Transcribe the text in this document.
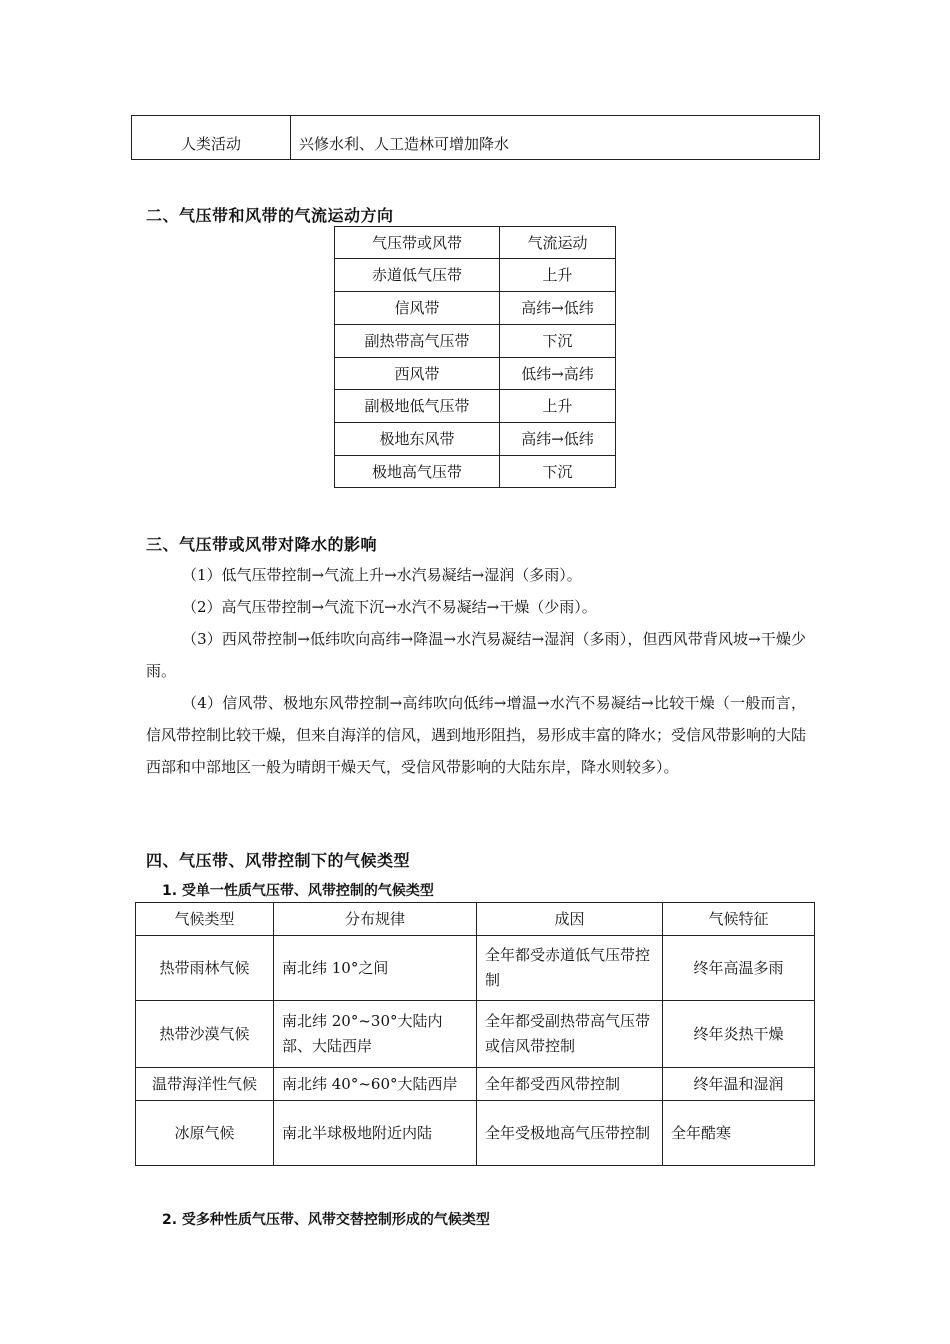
人类活动	兴修水利、人工造林可增加降水
二、气压带和风带的气流运动方向
气压带或风带	气流运动
赤道低气压带	上升
信风带	高纬→低纬
副热带高气压带	下沉
西风带	低纬→高纬
副极地低气压带	上升
极地东风带	高纬→低纬
极地高气压带	下沉
三、气压带或风带对降水的影响

（1）低气压带控制→气流上升→水汽易凝结→湿润（多雨）。

（2）高气压带控制→气流下沉→水汽不易凝结→干燥（少雨）。

（3）西风带控制→低纬吹向高纬→降温→水汽易凝结→湿润（多雨），但西风带背风坡→干燥少雨。

（4）信风带、极地东风带控制→高纬吹向低纬→增温→水汽不易凝结→比较干燥（一般而言，信风带控制比较干燥，但来自海洋的信风，遇到地形阻挡，易形成丰富的降水；受信风带影响的大陆西部和中部地区一般为晴朗干燥天气，受信风带影响的大陆东岸，降水则较多）。

四、气压带、风带控制下的气候类型
1. 受单一性质气压带、风带控制的气候类型
气候类型	分布规律	成因	气候特征
热带雨林气候	南北纬 10°之间	全年都受赤道低气压带控制	终年高温多雨
热带沙漠气候	南北纬 20°~30°大陆内部、大陆西岸	全年都受副热带高气压带或信风带控制	终年炎热干燥
温带海洋性气候	南北纬 40°~60°大陆西岸	全年都受西风带控制	终年温和湿润
冰原气候	南北半球极地附近内陆	全年受极地高气压带控制	全年酷寒
2. 受多种性质气压带、风带交替控制形成的气候类型
